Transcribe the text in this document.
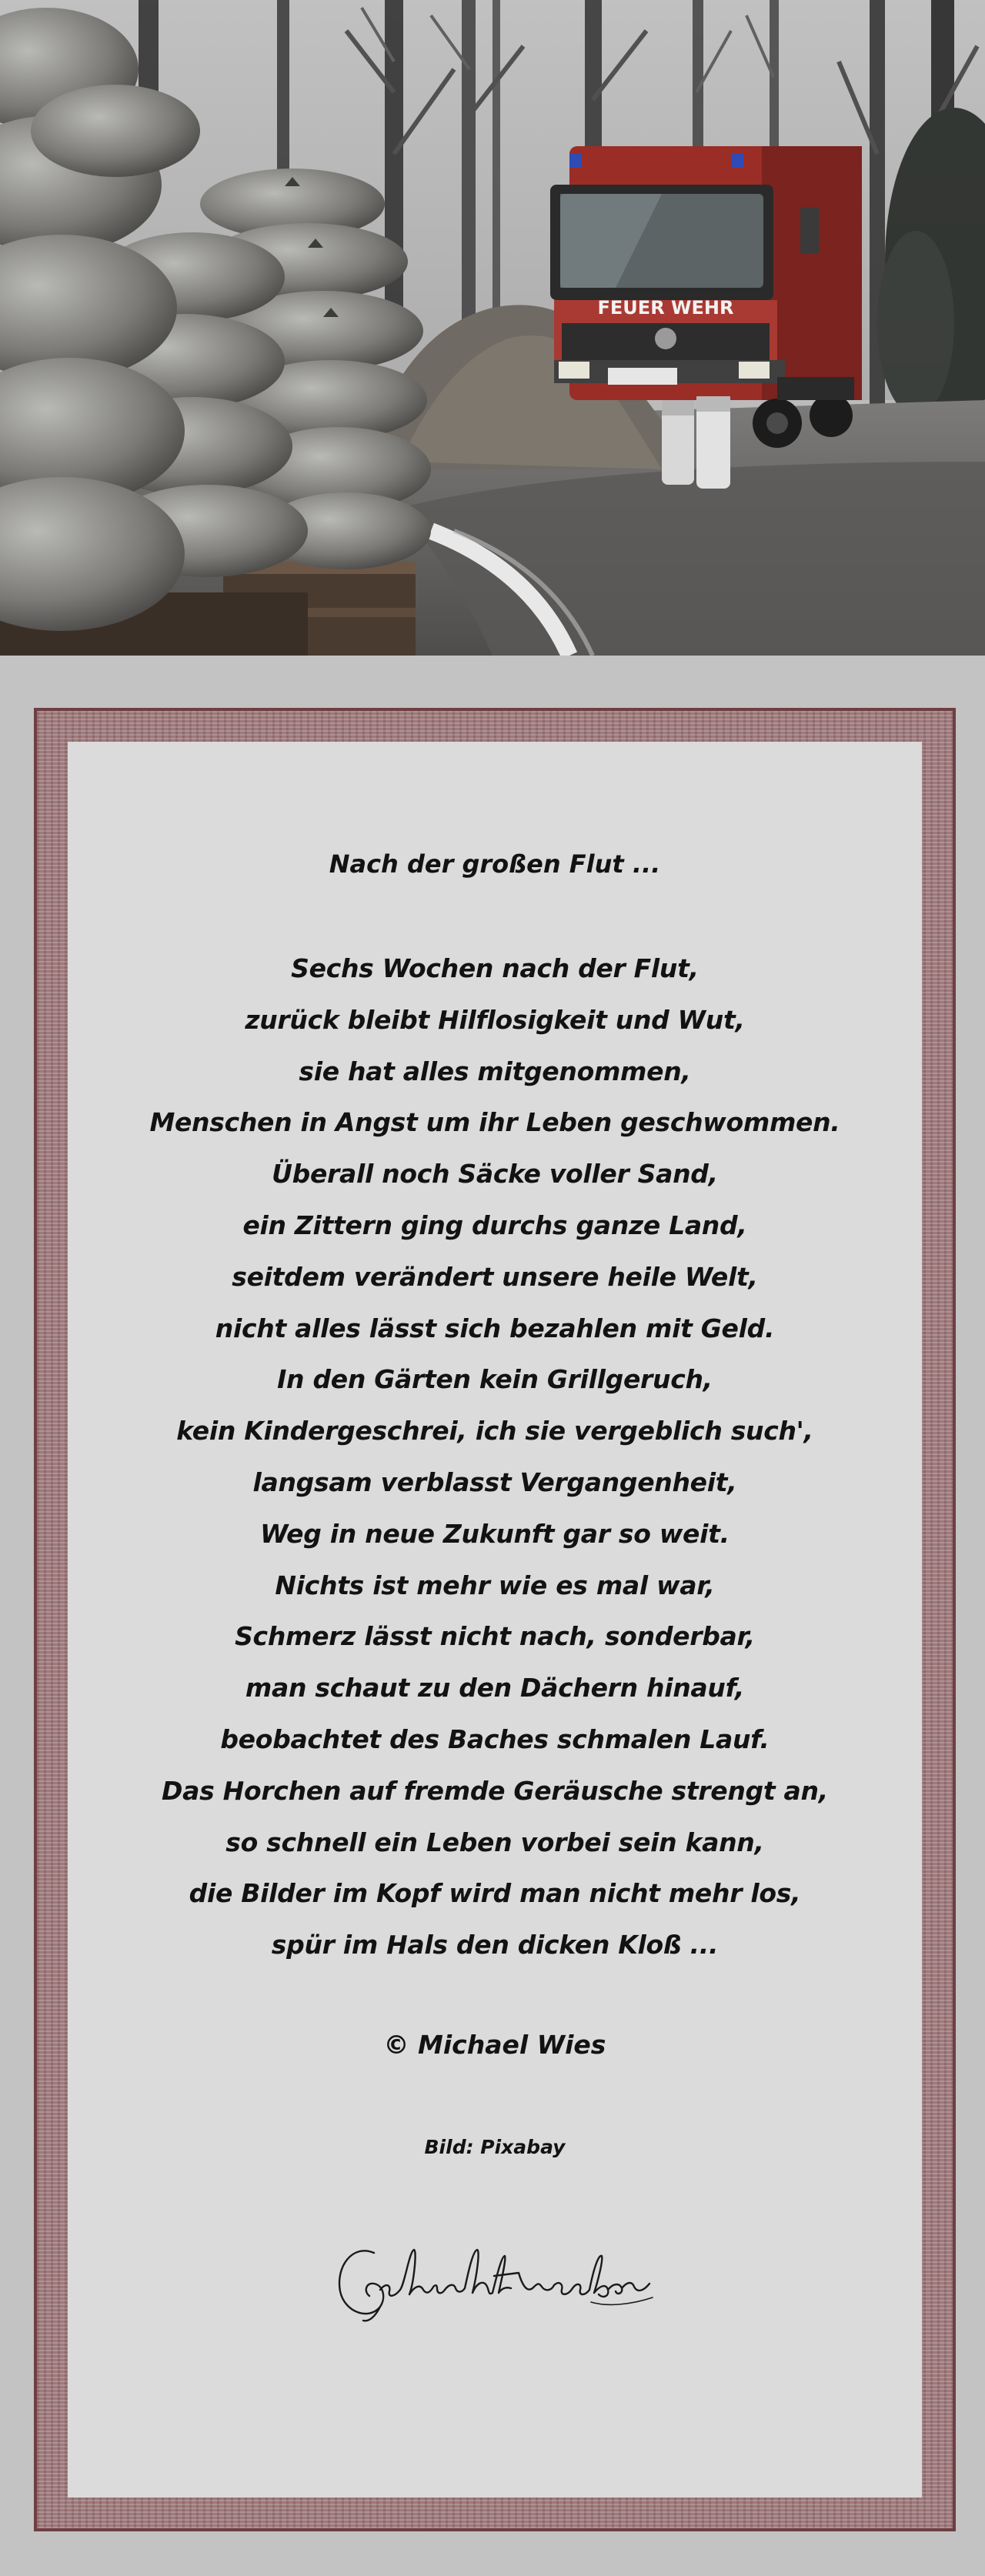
FEUER WEHR
Nach der großen Flut ...
Sechs Wochen nach der Flut,
zurück bleibt Hilflosigkeit und Wut,
sie hat alles mitgenommen,
Menschen in Angst um ihr Leben geschwommen.
Überall noch Säcke voller Sand,
ein Zittern ging durchs ganze Land,
seitdem verändert unsere heile Welt,
nicht alles lässt sich bezahlen mit Geld.
In den Gärten kein Grillgeruch,
kein Kindergeschrei, ich sie vergeblich such',
langsam verblasst Vergangenheit,
Weg in neue Zukunft gar so weit.
Nichts ist mehr wie es mal war,
Schmerz lässt nicht nach, sonderbar,
man schaut zu den Dächern hinauf,
beobachtet des Baches schmalen Lauf.
Das Horchen auf fremde Geräusche strengt an,
so schnell ein Leben vorbei sein kann,
die Bilder im Kopf wird man nicht mehr los,
spür im Hals den dicken Kloß ...
© Michael Wies
Bild: Pixabay
